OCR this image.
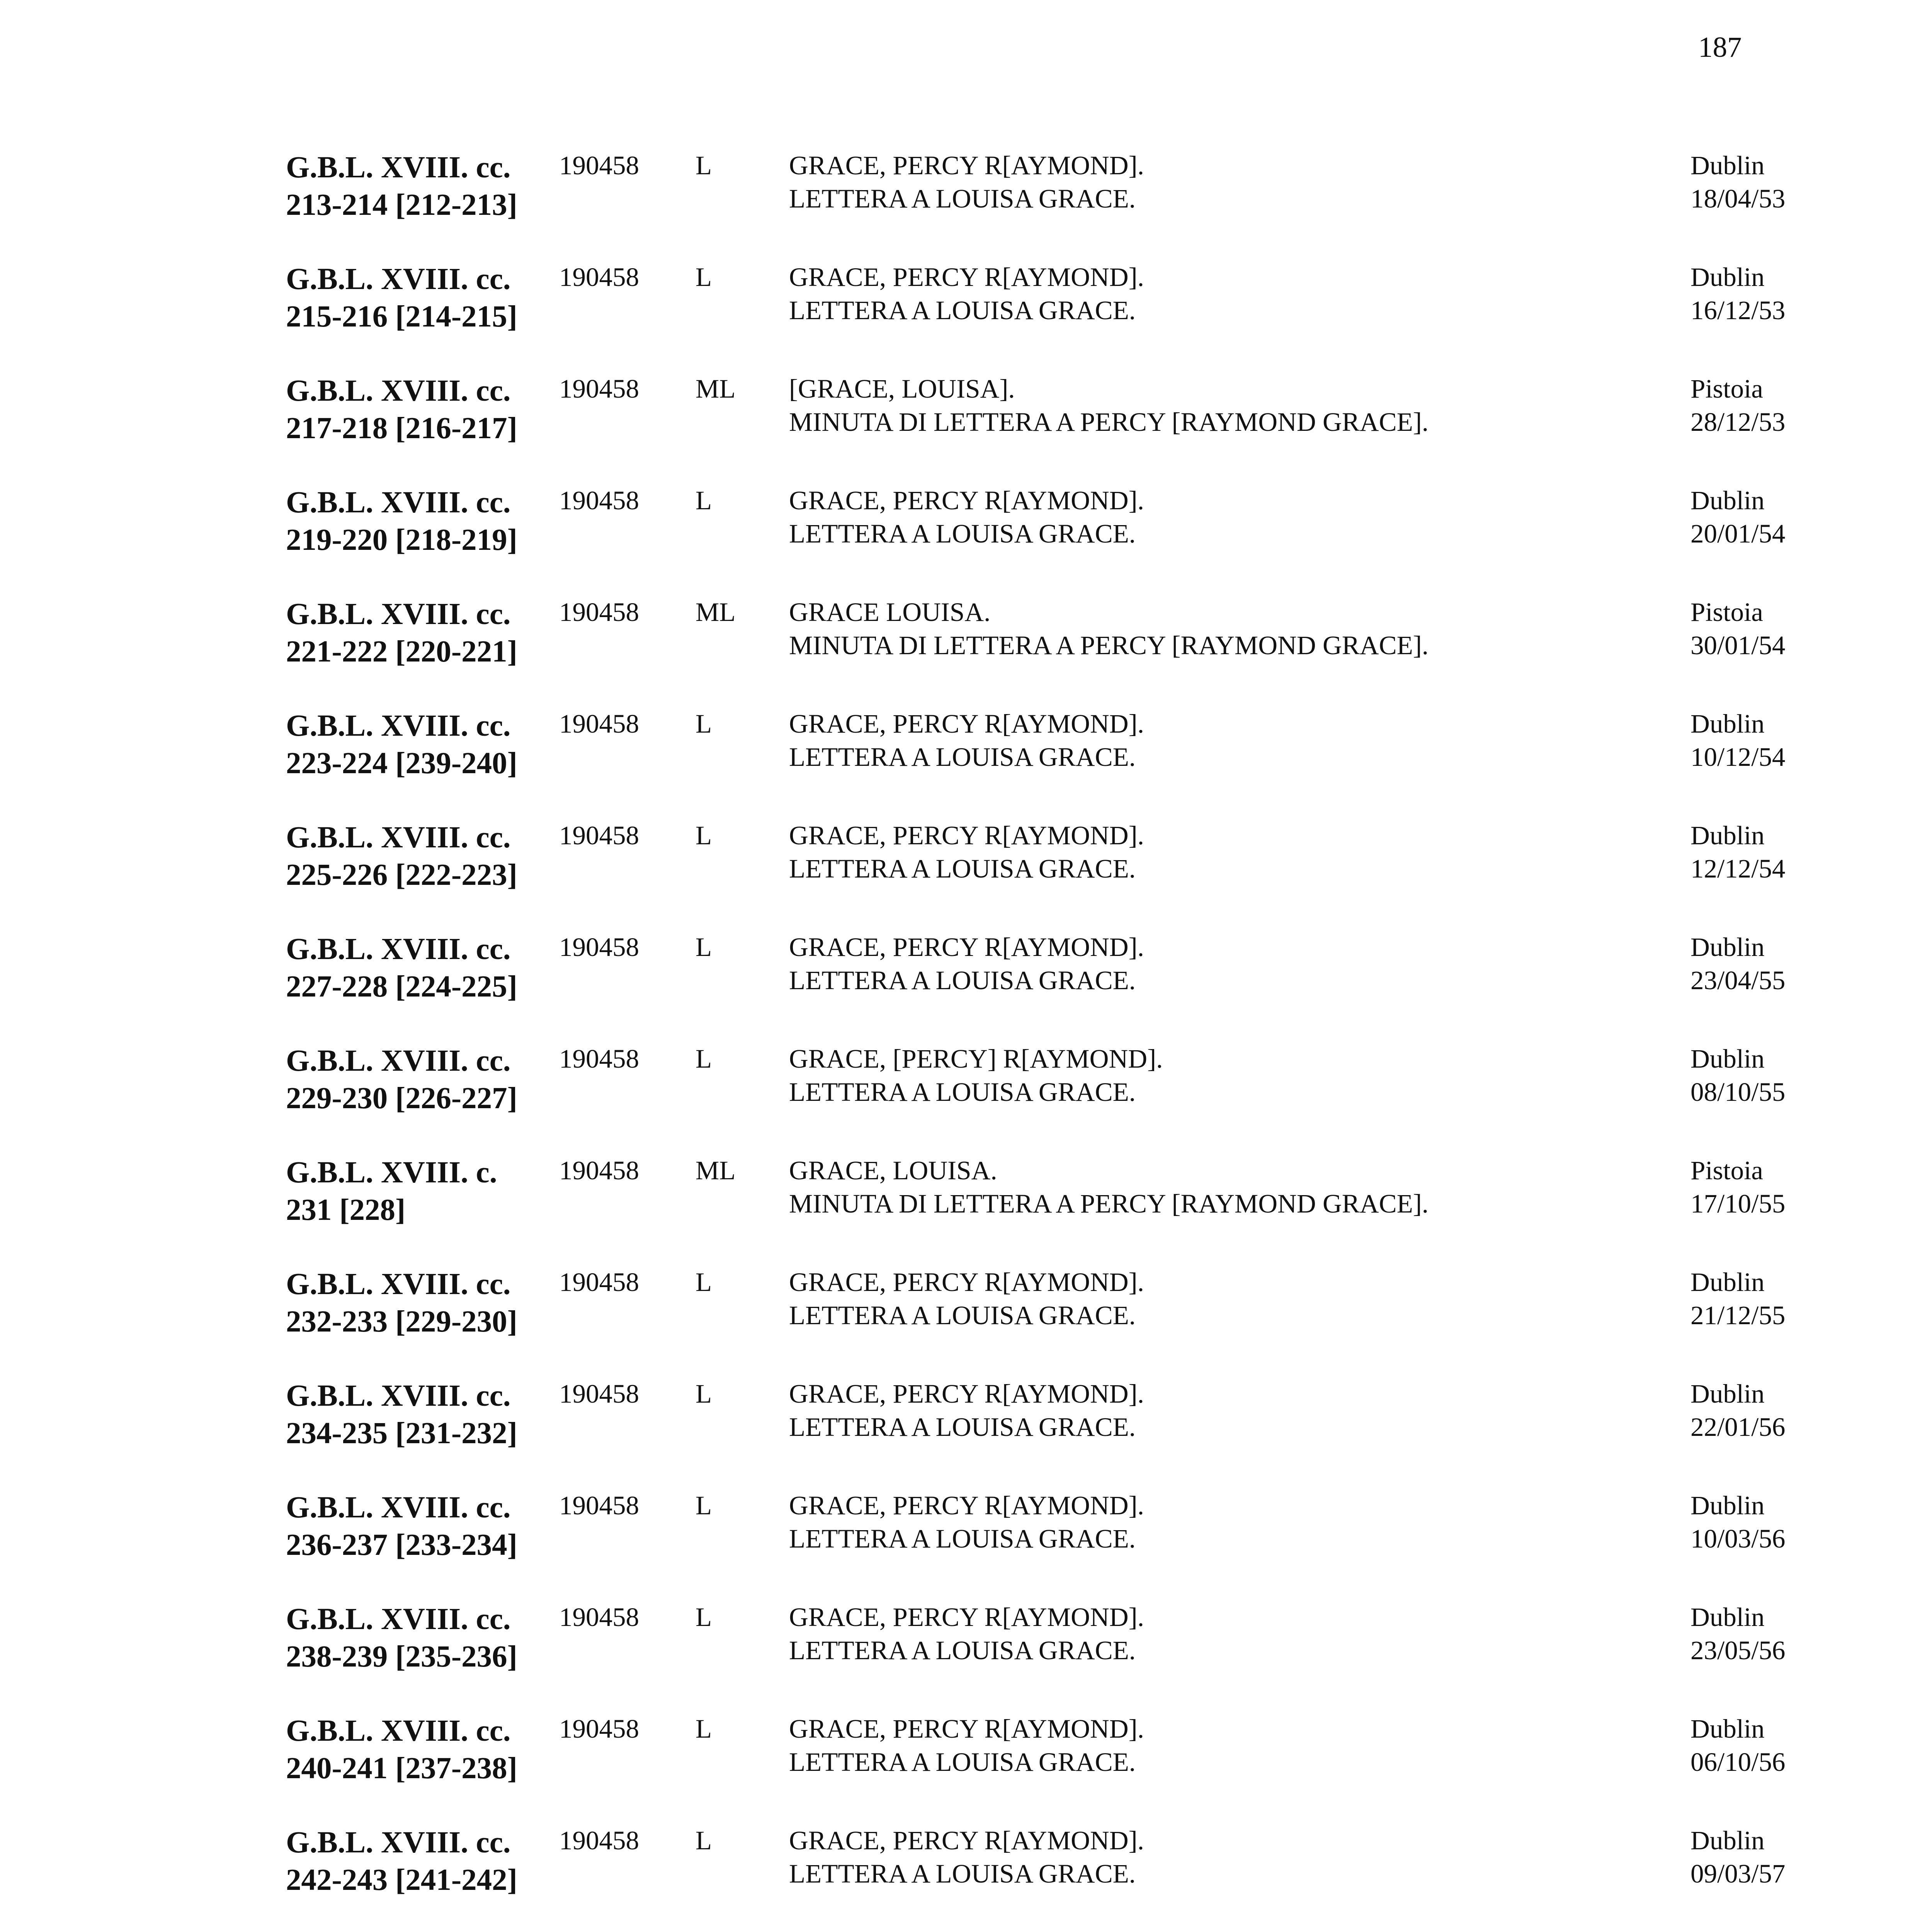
187
G.B.L. XVIII. cc.
213-214 [212-213]
190458 L	GRACE, PERCY R[AYMOND].
LETTERA A LOUISA GRACE.
Dublin
18/04/53
G.B.L. XVIII. cc.
215-216 [214-215]
190458 L	GRACE, PERCY R[AYMOND].
LETTERA A LOUISA GRACE.
Dublin
16/12/53
G.B.L. XVIII. cc.
217-218 [216-217]
190458 ML [GRACE, LOUISA].
MINUTA DI LETTERA A PERCY [RAYMOND GRACE].
Pistoia
28/12/53
G.B.L. XVIII. cc.
219-220 [218-219]
190458 L	GRACE, PERCY R[AYMOND].
LETTERA A LOUISA GRACE.
Dublin
20/01/54
G.B.L. XVIII. cc.
221-222 [220-221]
190458 ML GRACE LOUISA.
MINUTA DI LETTERA A PERCY [RAYMOND GRACE].
Pistoia
30/01/54
G.B.L. XVIII. cc.
223-224 [239-240]
190458 L	GRACE, PERCY R[AYMOND].
LETTERA A LOUISA GRACE.
Dublin
10/12/54
G.B.L. XVIII. cc.
225-226 [222-223]
190458 L	GRACE, PERCY R[AYMOND].
LETTERA A LOUISA GRACE.
Dublin
12/12/54
G.B.L. XVIII. cc.
227-228 [224-225]
190458 L	GRACE, PERCY R[AYMOND].
LETTERA A LOUISA GRACE.
Dublin
23/04/55
G.B.L. XVIII. cc.
229-230 [226-227]
190458 L	GRACE, [PERCY] R[AYMOND].
LETTERA A LOUISA GRACE.
Dublin
08/10/55
G.B.L. XVIII. c.
231 [228]
190458 ML GRACE, LOUISA.
MINUTA DI LETTERA A PERCY [RAYMOND GRACE].
Pistoia
17/10/55
G.B.L. XVIII. cc.
232-233 [229-230]
190458 L	GRACE, PERCY R[AYMOND].
LETTERA A LOUISA GRACE.
Dublin
21/12/55
G.B.L. XVIII. cc.
234-235 [231-232]
190458 L	GRACE, PERCY R[AYMOND].
LETTERA A LOUISA GRACE.
Dublin
22/01/56
G.B.L. XVIII. cc.
236-237 [233-234]
190458 L	GRACE, PERCY R[AYMOND].
LETTERA A LOUISA GRACE.
Dublin
10/03/56
G.B.L. XVIII. cc.
238-239 [235-236]
190458 L	GRACE, PERCY R[AYMOND].
LETTERA A LOUISA GRACE.
Dublin
23/05/56
G.B.L. XVIII. cc.
240-241 [237-238]
190458 L	GRACE, PERCY R[AYMOND].
LETTERA A LOUISA GRACE.
Dublin
06/10/56
G.B.L. XVIII. cc.
242-243 [241-242]
190458 L	GRACE, PERCY R[AYMOND].
LETTERA A LOUISA GRACE.
Dublin
09/03/57
